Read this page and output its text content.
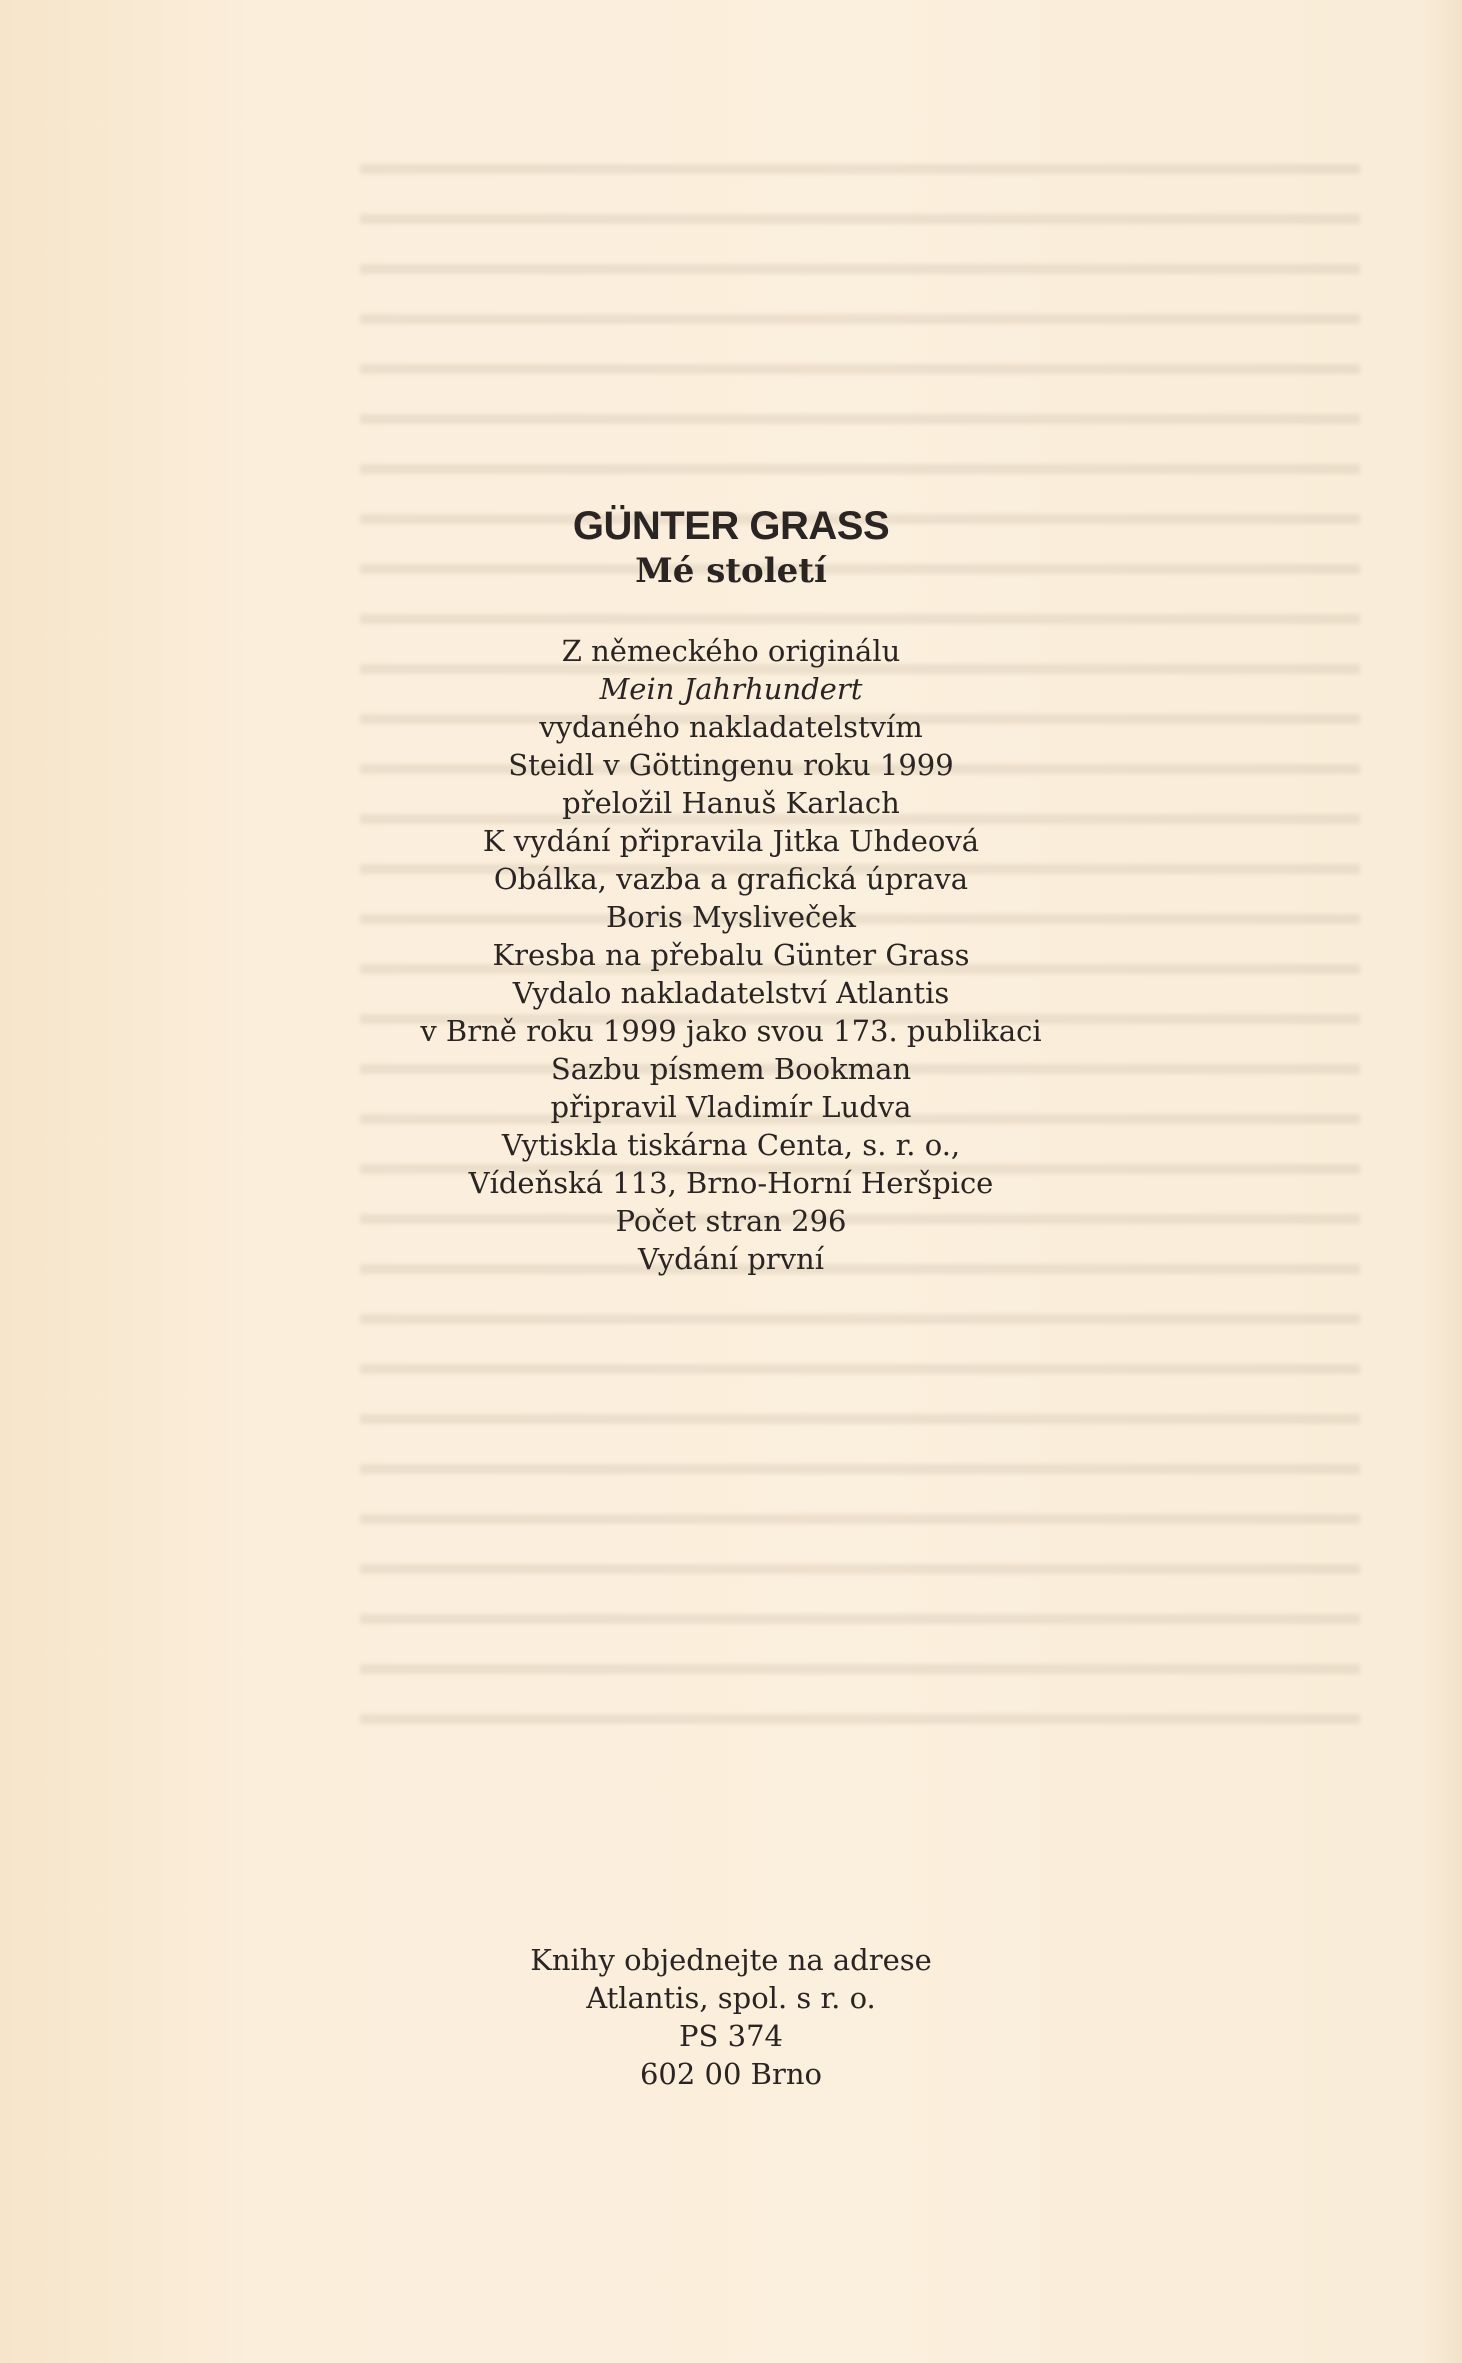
GÜNTER GRASS
Mé století
Z německého originálu
Mein Jahrhundert
vydaného nakladatelstvím
Steidl v Göttingenu roku 1999
přeložil Hanuš Karlach
K vydání připravila Jitka Uhdeová
Obálka, vazba a grafická úprava
Boris Mysliveček
Kresba na přebalu Günter Grass
Vydalo nakladatelství Atlantis
v Brně roku 1999 jako svou 173. publikaci
Sazbu písmem Bookman
připravil Vladimír Ludva
Vytiskla tiskárna Centa, s. r. o.,
Vídeňská 113, Brno-Horní Heršpice
Počet stran 296
Vydání první
Knihy objednejte na adrese
Atlantis, spol. s r. o.
PS 374
602 00 Brno
